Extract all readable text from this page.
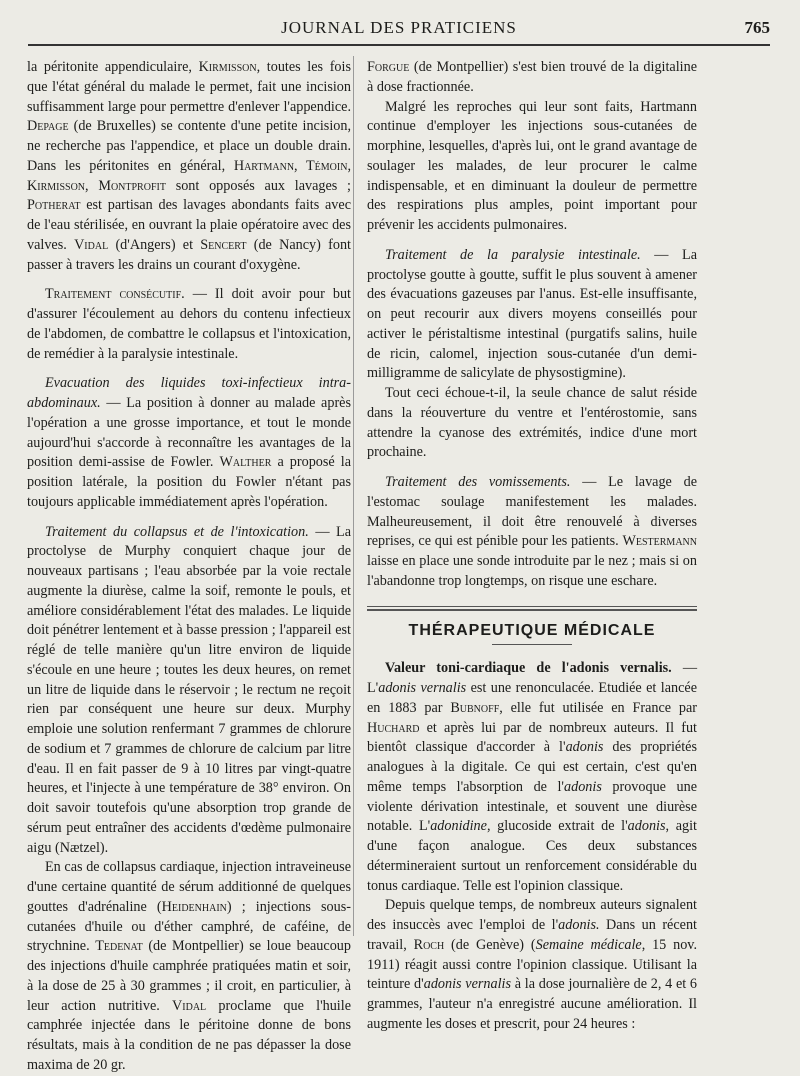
JOURNAL DES PRATICIENS	765

la péritonite appendiculaire, Kirmisson, toutes les fois que l'état général du malade le permet, fait une incision suffisamment large pour permettre d'enlever l'appendice. Depage (de Bruxelles) se contente d'une petite incision, ne recherche pas l'appendice, et place un double drain. Dans les péritonites en général, Hartmann, Témoin, Kirmisson, Montprofit sont opposés aux lavages ; Potherat est partisan des lavages abondants faits avec de l'eau stérilisée, en ouvrant la plaie opératoire avec des valves. Vidal (d'Angers) et Sencert (de Nancy) font passer à travers les drains un courant d'oxygène.

Traitement consécutif. — Il doit avoir pour but d'assurer l'écoulement au dehors du contenu infectieux de l'abdomen, de combattre le collapsus et l'intoxication, de remédier à la paralysie intestinale.

Evacuation des liquides toxi-infectieux intra-abdominaux. — La position à donner au malade après l'opération a une grosse importance, et tout le monde aujourd'hui s'accorde à reconnaître les avantages de la position demi-assise de Fowler. Walther a proposé la position latérale, la position du Fowler n'étant pas toujours applicable immédiatement après l'opération.

Traitement du collapsus et de l'intoxication. — La proctolyse de Murphy conquiert chaque jour de nouveaux partisans ; l'eau absorbée par la voie rectale augmente la diurèse, calme la soif, remonte le pouls, et améliore considérablement l'état des malades. Le liquide doit pénétrer lentement et à basse pression ; l'appareil est réglé de telle manière qu'un litre environ de liquide s'écoule en une heure ; toutes les deux heures, on remet un litre de liquide dans le réservoir ; le rectum ne reçoit rien par conséquent une heure sur deux. Murphy emploie une solution renfermant 7 grammes de chlorure de sodium et 7 grammes de chlorure de calcium par litre d'eau. Il en fait passer de 9 à 10 litres par vingt-quatre heures, et l'injecte à une température de 38° environ. On doit savoir toutefois qu'une absorption trop grande de sérum peut entraîner des accidents d'œdème pulmonaire aigu (Nætzel).

En cas de collapsus cardiaque, injection intraveineuse d'une certaine quantité de sérum additionné de quelques gouttes d'adrénaline (Heidenhain) ; injections sous-cutanées d'huile ou d'éther camphré, de caféine, de strychnine. Tedenat (de Montpellier) se loue beaucoup des injections d'huile camphrée pratiquées matin et soir, à la dose de 25 à 30 grammes ; il croit, en particulier, à leur action nutritive. Vidal proclame que l'huile camphrée injectée dans le péritoine donne de bons résultats, mais à la condition de ne pas dépasser la dose maxima de 20 gr.

Forgue (de Montpellier) s'est bien trouvé de la digitaline à dose fractionnée.

Malgré les reproches qui leur sont faits, Hartmann continue d'employer les injections sous-cutanées de morphine, lesquelles, d'après lui, ont le grand avantage de soulager les malades, de leur procurer le calme indispensable, et en diminuant la douleur de permettre des respirations plus amples, point important pour prévenir les accidents pulmonaires.

Traitement de la paralysie intestinale. — La proctolyse goutte à goutte, suffit le plus souvent à amener des évacuations gazeuses par l'anus. Est-elle insuffisante, on peut recourir aux divers moyens conseillés pour activer le péristaltisme intestinal (purgatifs salins, huile de ricin, calomel, injection sous-cutanée d'un demi-milligramme de salicylate de physostigmine).

Tout ceci échoue-t-il, la seule chance de salut réside dans la réouverture du ventre et l'entérostomie, sans attendre la cyanose des extrémités, indice d'une mort prochaine.

Traitement des vomissements. — Le lavage de l'estomac soulage manifestement les malades. Malheureusement, il doit être renouvelé à diverses reprises, ce qui est pénible pour les patients. Westermann laisse en place une sonde introduite par le nez ; mais si on l'abandonne trop longtemps, on risque une eschare.

THÉRAPEUTIQUE MÉDICALE

Valeur toni-cardiaque de l'adonis vernalis. — L'adonis vernalis est une renonculacée. Etudiée et lancée en 1883 par Bubnoff, elle fut utilisée en France par Huchard et après lui par de nombreux auteurs. Il fut bientôt classique d'accorder à l'adonis des propriétés analogues à la digitale. Ce qui est certain, c'est qu'en même temps l'absorption de l'adonis provoque une violente dérivation intestinale, et souvent une diurèse notable. L'adonidine, glucoside extrait de l'adonis, agit d'une façon analogue. Ces deux substances détermineraient surtout un renforcement considérable du tonus cardiaque. Telle est l'opinion classique.

Depuis quelque temps, de nombreux auteurs signalent des insuccès avec l'emploi de l'adonis. Dans un récent travail, Roch (de Genève) (Semaine médicale, 15 nov. 1911) réagit aussi contre l'opinion classique. Utilisant la teinture d'adonis vernalis à la dose journalière de 2, 4 et 6 grammes, l'auteur n'a enregistré aucune amélioration. Il augmente les doses et prescrit, pour 24 heures :
